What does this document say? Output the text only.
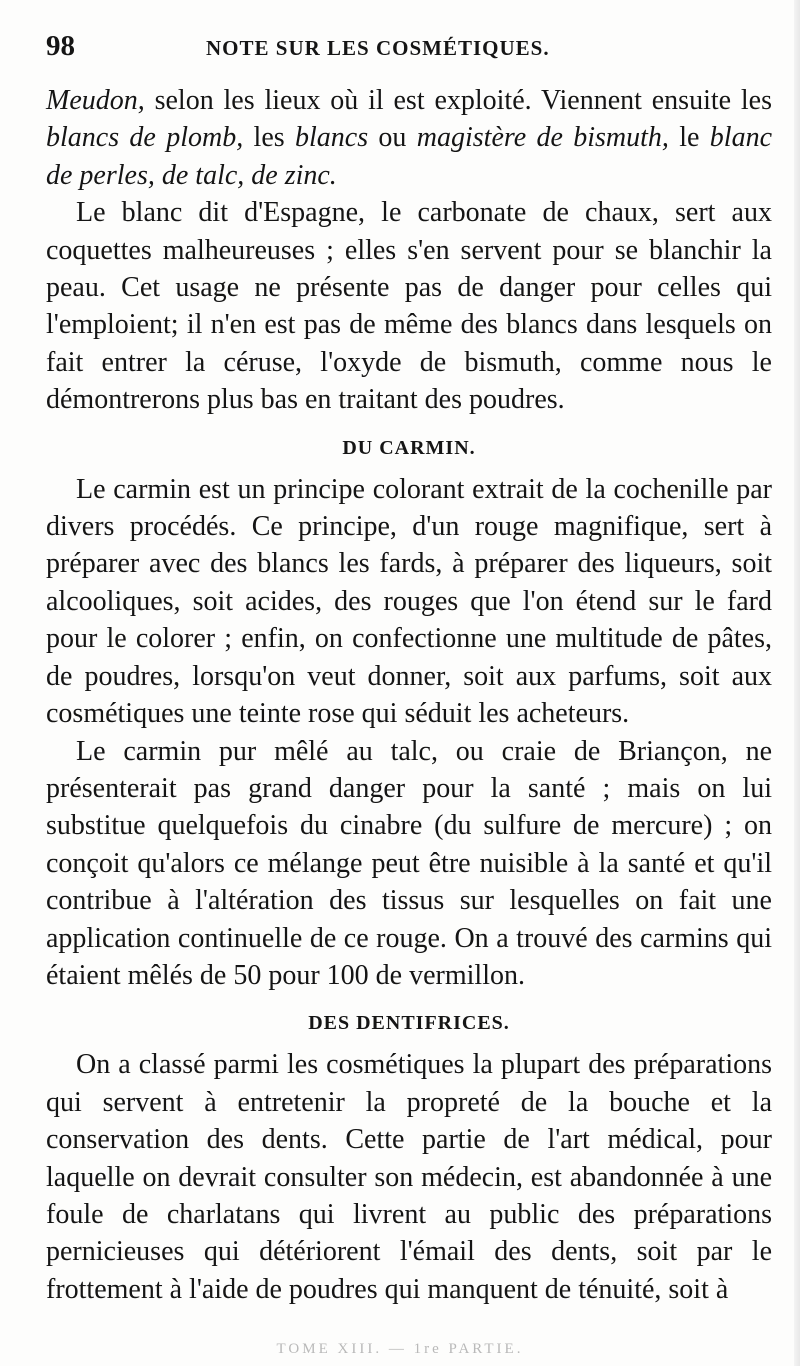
98	NOTE SUR LES COSMÉTIQUES.

Meudon, selon les lieux où il est exploité. Viennent ensuite les blancs de plomb, les blancs ou magistère de bismuth, le blanc de perles, de talc, de zinc.

Le blanc dit d'Espagne, le carbonate de chaux, sert aux coquettes malheureuses ; elles s'en servent pour se blanchir la peau. Cet usage ne présente pas de danger pour celles qui l'emploient; il n'en est pas de même des blancs dans lesquels on fait entrer la céruse, l'oxyde de bismuth, comme nous le démontrerons plus bas en traitant des poudres.

DU CARMIN.

Le carmin est un principe colorant extrait de la cochenille par divers procédés. Ce principe, d'un rouge magnifique, sert à préparer avec des blancs les fards, à préparer des liqueurs, soit alcooliques, soit acides, des rouges que l'on étend sur le fard pour le colorer ; enfin, on confectionne une multitude de pâtes, de poudres, lorsqu'on veut donner, soit aux parfums, soit aux cosmétiques une teinte rose qui séduit les acheteurs.

Le carmin pur mêlé au talc, ou craie de Briançon, ne présenterait pas grand danger pour la santé ; mais on lui substitue quelquefois du cinabre (du sulfure de mercure) ; on conçoit qu'alors ce mélange peut être nuisible à la santé et qu'il contribue à l'altération des tissus sur lesquelles on fait une application continuelle de ce rouge. On a trouvé des carmins qui étaient mêlés de 50 pour 100 de vermillon.

DES DENTIFRICES.

On a classé parmi les cosmétiques la plupart des préparations qui servent à entretenir la propreté de la bouche et la conservation des dents. Cette partie de l'art médical, pour laquelle on devrait consulter son médecin, est abandonnée à une foule de charlatans qui livrent au public des préparations pernicieuses qui détériorent l'émail des dents, soit par le frottement à l'aide de poudres qui manquent de ténuité, soit à

TOME XIII. — 1re PARTIE.
